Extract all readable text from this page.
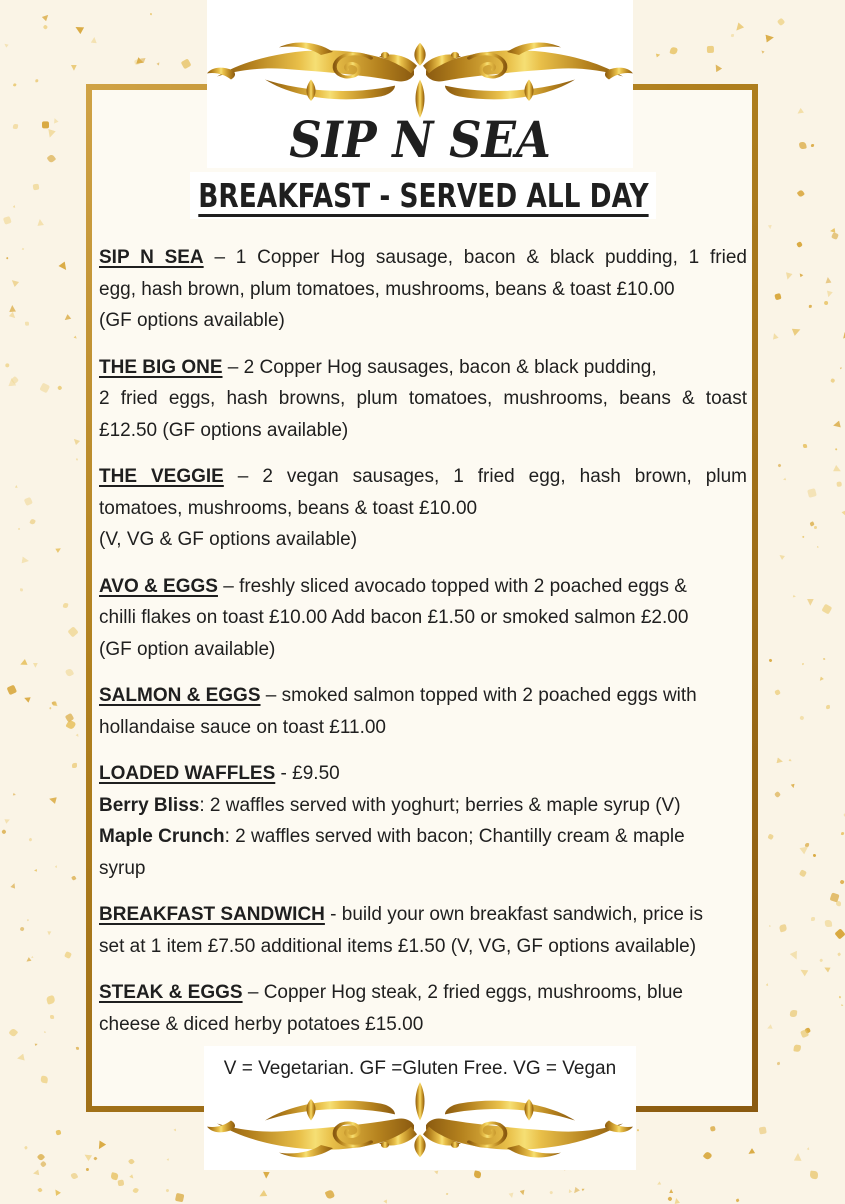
SIP N SEA
BREAKFAST - SERVED ALL DAY
SIP N SEA – 1 Copper Hog sausage, bacon & black pudding, 1 fried
egg, hash brown, plum tomatoes, mushrooms, beans & toast £10.00
(GF options available)
THE BIG ONE – 2 Copper Hog sausages, bacon & black pudding,
2 fried eggs, hash browns, plum tomatoes, mushrooms, beans & toast
£12.50 (GF options available)
THE VEGGIE – 2 vegan sausages, 1 fried egg, hash brown, plum
tomatoes, mushrooms, beans & toast £10.00
(V, VG & GF options available)
AVO & EGGS – freshly sliced avocado topped with 2 poached eggs &
chilli flakes on toast £10.00 Add bacon £1.50 or smoked salmon £2.00
(GF option available)
SALMON & EGGS – smoked salmon topped with 2 poached eggs with
hollandaise sauce on toast £11.00
LOADED WAFFLES - £9.50
Berry Bliss: 2 waffles served with yoghurt; berries & maple syrup (V)
Maple Crunch: 2 waffles served with bacon; Chantilly cream & maple
syrup
BREAKFAST SANDWICH - build your own breakfast sandwich, price is
set at 1 item £7.50 additional items £1.50 (V, VG, GF options available)
STEAK & EGGS – Copper Hog steak, 2 fried eggs, mushrooms, blue
cheese & diced herby potatoes £15.00
V = Vegetarian. GF =Gluten Free. VG = Vegan
